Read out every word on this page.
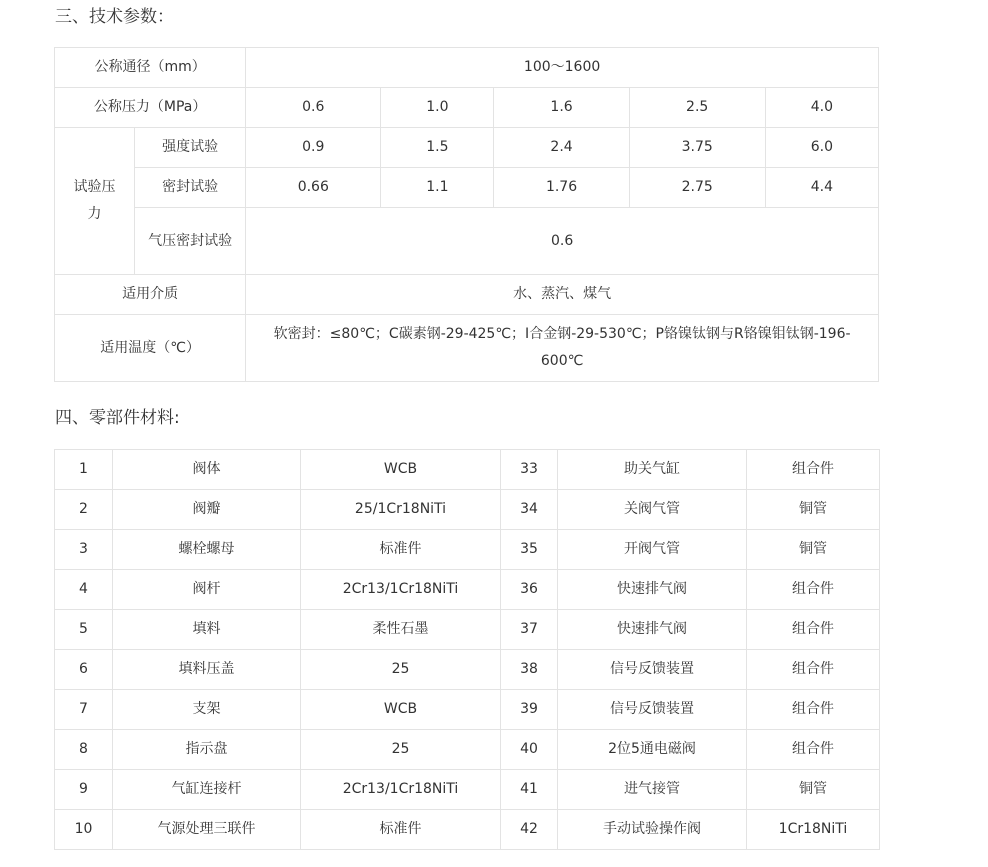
三、技术参数：
公称通径（mm）		100～1600				
公称压力（MPa）		0.6	1.0	1.6	2.5	4.0
试验压力	强度试验	0.9	1.5	2.4	3.75	6.0
	密封试验	0.66	1.1	1.76	2.75	4.4
	气压密封试验	0.6				
适用介质		水、蒸汽、煤气				
适用温度（℃）		软密封：≤80℃；C碳素钢-29-425℃；I合金钢-29-530℃；P铬镍钛钢与R铬镍钼钛钢-196-600℃				
四、零部件材料:
1	阀体	WCB	33	助关气缸	组合件
2	阀瓣	25/1Cr18NiTi	34	关阀气管	铜管
3	螺栓螺母	标准件	35	开阀气管	铜管
4	阀杆	2Cr13/1Cr18NiTi	36	快速排气阀	组合件
5	填料	柔性石墨	37	快速排气阀	组合件
6	填料压盖	25	38	信号反馈装置	组合件
7	支架	WCB	39	信号反馈装置	组合件
8	指示盘	25	40	2位5通电磁阀	组合件
9	气缸连接杆	2Cr13/1Cr18NiTi	41	进气接管	铜管
10	气源处理三联件	标准件	42	手动试验操作阀	1Cr18NiTi
